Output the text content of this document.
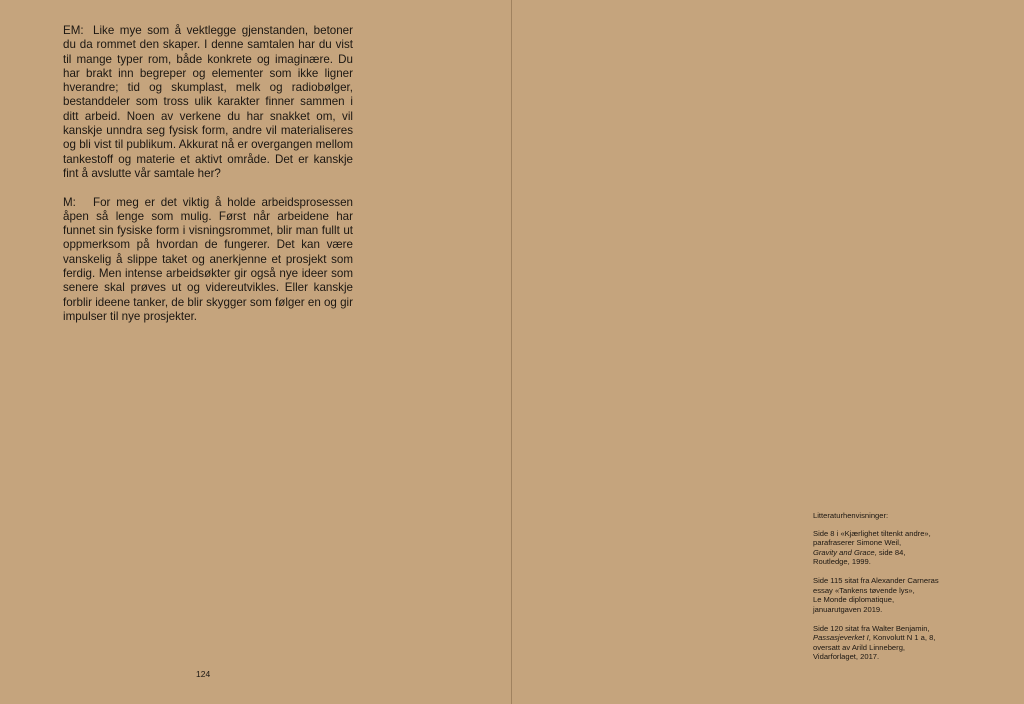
EM: Like mye som å vektlegge gjenstanden, betoner du da rommet den skaper. I denne samtalen har du vist til mange typer rom, både konkrete og imaginære. Du har brakt inn begreper og elementer som ikke ligner hverandre; tid og skumplast, melk og radiobølger, bestanddeler som tross ulik karakter finner sammen i ditt arbeid. Noen av verkene du har snakket om, vil kanskje unndra seg fysisk form, andre vil materialiseres og bli vist til publikum. Akkurat nå er overgangen mellom tankestoff og materie et aktivt område. Det er kanskje fint å avslutte vår samtale her?

M: For meg er det viktig å holde arbeidsprosessen åpen så lenge som mulig. Først når arbeidene har funnet sin fysiske form i visningsrommet, blir man fullt ut oppmerksom på hvordan de fungerer. Det kan være vanskelig å slippe taket og anerkjenne et prosjekt som ferdig. Men intense arbeidsøkter gir også nye ideer som senere skal prøves ut og videreutvikles. Eller kanskje forblir ideene tanker, de blir skygger som følger en og gir impulser til nye prosjekter.

124

Litteraturhenvisninger:

Side 8 i «Kjærlighet tiltenkt andre»,
parafraserer Simone Weil,
Gravity and Grace, side 84,
Routledge, 1999.

Side 115 sitat fra Alexander Carneras
essay «Tankens tøvende lys»,
Le Monde diplomatique,
januarutgaven 2019.

Side 120 sitat fra Walter Benjamin,
Passasjeverket I, Konvolutt N 1 a, 8,
oversatt av Arild Linneberg,
Vidarforlaget, 2017.
